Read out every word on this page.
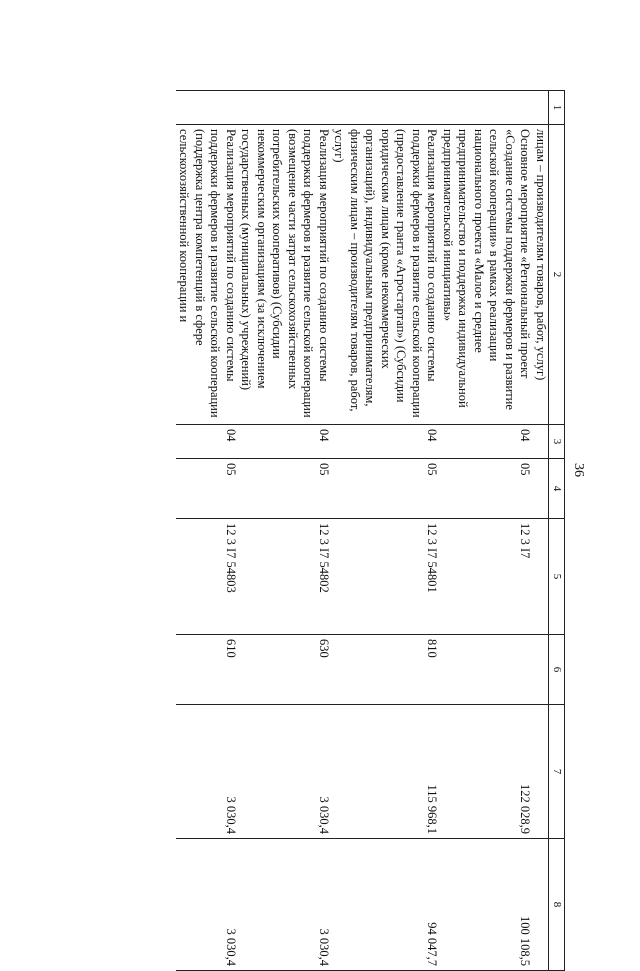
36
1	2	3	4	5	6	7	8
	лицам – производителям товаров, работ, услуг)						
	Основное мероприятие «Региональный проект «Создание системы поддержки фермеров и развитие сельской кооперации» в рамках реализации национального проекта «Малое и среднее предпринимательство и поддержка индивидуальной предпринимательской инициативы»	04	05	12 3 I7		122 028,9	100 108,5
	Реализация мероприятий по созданию системы поддержки фермеров и развитие сельской кооперации (предоставление гранта «Агростартап») (Субсидии юридическим лицам (кроме некоммерческих организаций), индивидуальным предпринимателям, физическим лицам – производителям товаров, работ, услуг)	04	05	12 3 I7 54801	810	115 968,1	94 047,7
	Реализация мероприятий по созданию системы поддержки фермеров и развитие сельской кооперации (возмещение части затрат сельскохозяйственных потребительских кооперативов) (Субсидии некоммерческим организациям (за исключением государственных (муниципальных) учреждений)	04	05	12 3 I7 54802	630	3 030,4	3 030,4
	Реализация мероприятий по созданию системы поддержки фермеров и развитие сельской кооперации (поддержка центра компетенций в сфере сельскохозяйственной кооперации и	04	05	12 3 I7 54803	610	3 030,4	3 030,4
